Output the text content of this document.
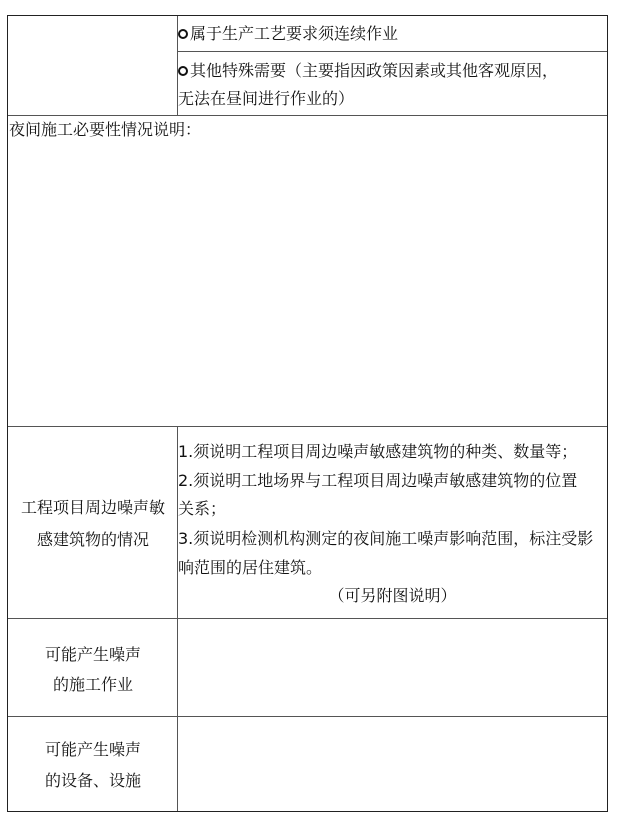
属于生产工艺要求须连续作业
其他特殊需要（主要指因政策因素或其他客观原因，
无法在昼间进行作业的）
夜间施工必要性情况说明：
工程项目周边噪声敏
感建筑物的情况
1.须说明工程项目周边噪声敏感建筑物的种类、数量等；
2.须说明工地场界与工程项目周边噪声敏感建筑物的位置
关系；
3.须说明检测机构测定的夜间施工噪声影响范围，标注受影
响范围的居住建筑。
（可另附图说明）
可能产生噪声
的施工作业
可能产生噪声
的设备、设施
